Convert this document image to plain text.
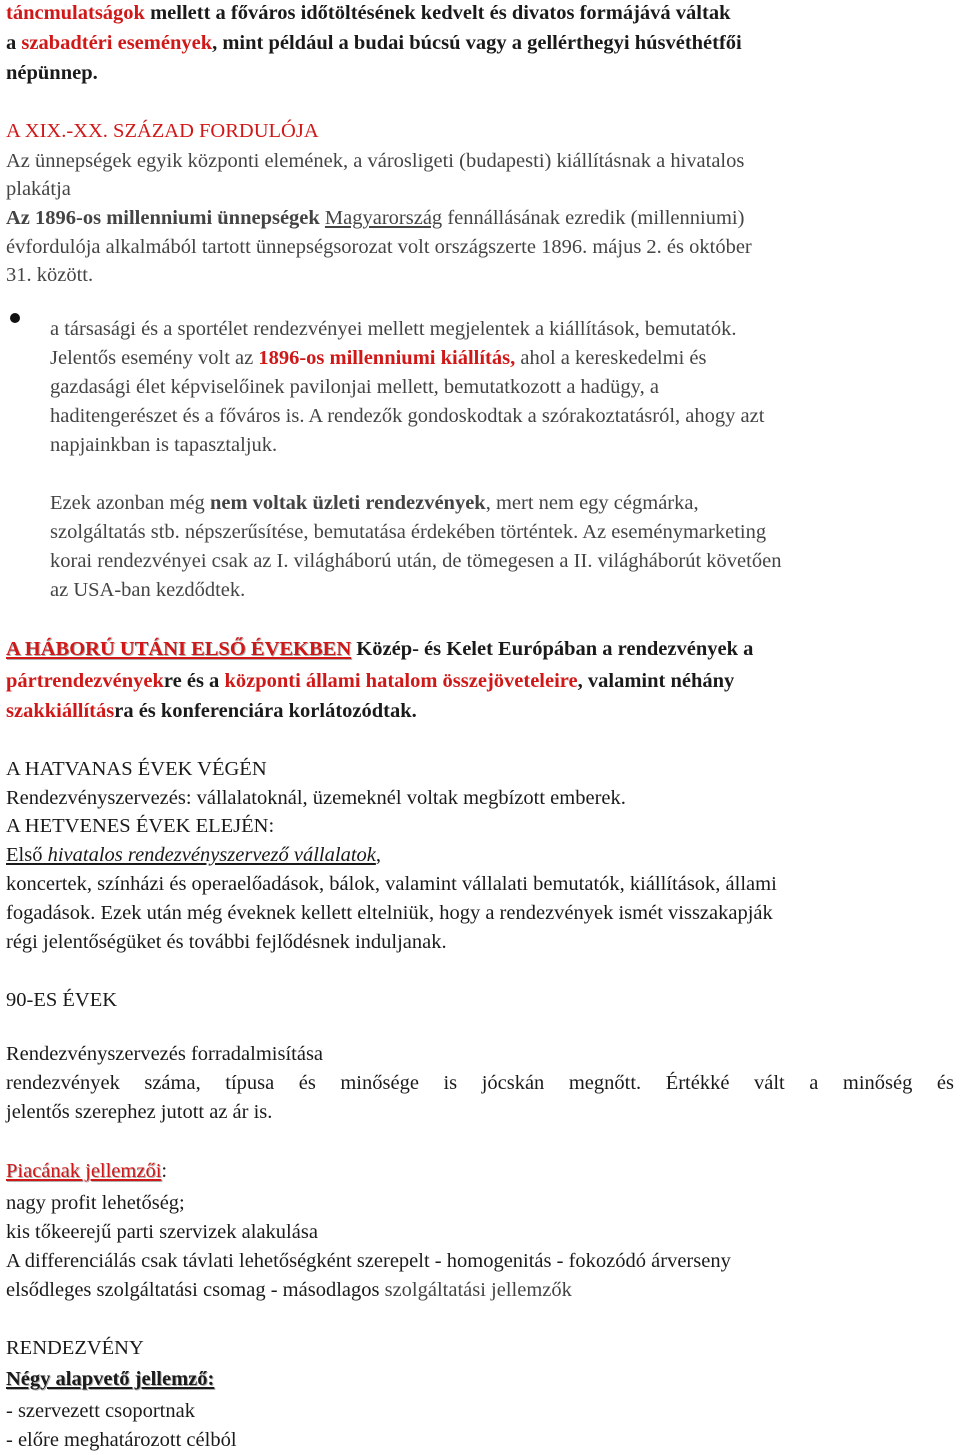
táncmulatságok mellett a főváros időtöltésének kedvelt és divatos formájává váltak
a szabadtéri események, mint például a budai búcsú vagy a gellérthegyi húsvéthétfői
népünnep.
A XIX.-XX. SZÁZAD FORDULÓJA
Az ünnepségek egyik központi elemének, a városligeti (budapesti) kiállításnak a hivatalos
plakátja
Az 1896-os millenniumi ünnepségek Magyarország fennállásának ezredik (millenniumi)
évfordulója alkalmából tartott ünnepségsorozat volt országszerte 1896. május 2. és október
31. között.
a társasági és a sportélet rendezvényei mellett megjelentek a kiállítások, bemutatók.
Jelentős esemény volt az 1896-os millenniumi kiállítás, ahol a kereskedelmi és
gazdasági élet képviselőinek pavilonjai mellett, bemutatkozott a hadügy, a
haditengerészet és a főváros is. A rendezők gondoskodtak a szórakoztatásról, ahogy azt
napjainkban is tapasztaljuk.
Ezek azonban még nem voltak üzleti rendezvények, mert nem egy cégmárka,
szolgáltatás stb. népszerűsítése, bemutatása érdekében történtek. Az eseménymarketing
korai rendezvényei csak az I. világháború után, de tömegesen a II. világháborút követően
az USA-ban kezdődtek.
A HÁBORÚ UTÁNI ELSŐ ÉVEKBEN Közép- és Kelet Európában a rendezvények a
pártrendezvényekre és a központi állami hatalom összejöveteleire, valamint néhány
szakkiállításra és konferenciára korlátozódtak.
A HATVANAS ÉVEK VÉGÉN
Rendezvényszervezés: vállalatoknál, üzemeknél voltak megbízott emberek.
A HETVENES ÉVEK ELEJÉN:
Első hivatalos rendezvényszervező vállalatok,
koncertek, színházi és operaelőadások, bálok, valamint vállalati bemutatók, kiállítások, állami
fogadások. Ezek után még éveknek kellett eltelniük, hogy a rendezvények ismét visszakapják
régi jelentőségüket és további fejlődésnek induljanak.
90-ES ÉVEK
Rendezvényszervezés forradalmisítása
rendezvények száma, típusa és minősége is jócskán megnőtt. Értékké vált a minőség és
jelentős szerephez jutott az ár is.
Piacának jellemzői:
nagy profit lehetőség;
kis tőkeerejű parti szervizek alakulása
A differenciálás csak távlati lehetőségként szerepelt - homogenitás - fokozódó árverseny
elsődleges szolgáltatási csomag - másodlagos szolgáltatási jellemzők
RENDEZVÉNY
Négy alapvető jellemző:
- szervezett csoportnak
- előre meghatározott célból
